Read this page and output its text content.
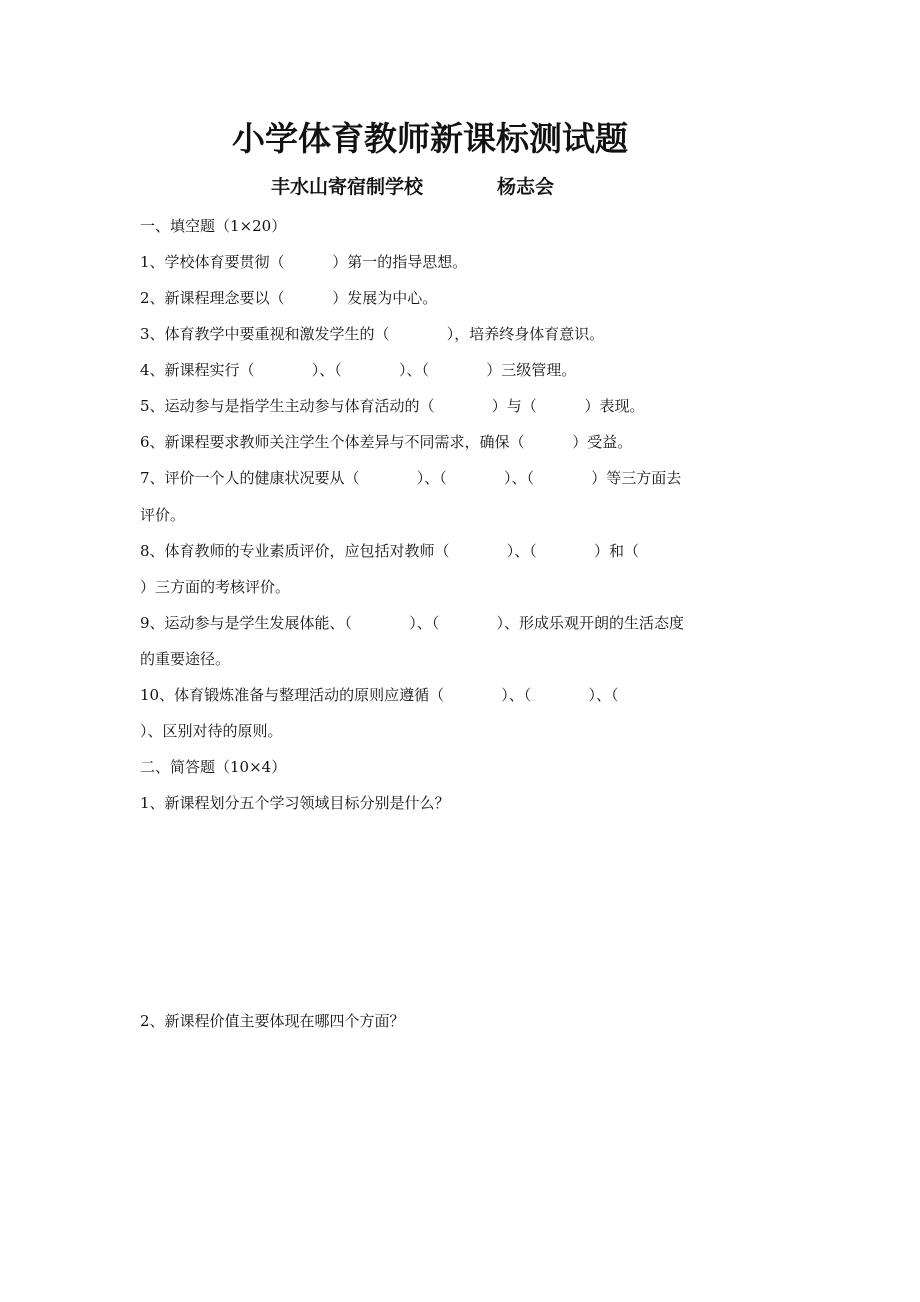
小学体育教师新课标测试题
丰水山寄宿制学校	杨志会
一、填空题（1×20）
1、学校体育要贯彻（          ）第一的指导思想。
2、新课程理念要以（          ）发展为中心。
3、体育教学中要重视和激发学生的（            ），培养终身体育意识。
4、新课程实行（            ）、（            ）、（            ）三级管理。
5、运动参与是指学生主动参与体育活动的（            ）与（          ）表现。
6、新课程要求教师关注学生个体差异与不同需求，确保（          ）受益。
7、评价一个人的健康状况要从（            ）、（            ）、（            ）等三方面去
评价。
8、体育教师的专业素质评价，应包括对教师（            ）、（            ）和（
）三方面的考核评价。
9、运动参与是学生发展体能、（            ）、（            ）、形成乐观开朗的生活态度
的重要途径。
10、体育锻炼准备与整理活动的原则应遵循（            ）、（            ）、（
）、区别对待的原则。
二、简答题（10×4）
1、新课程划分五个学习领域目标分别是什么？
2、新课程价值主要体现在哪四个方面？
